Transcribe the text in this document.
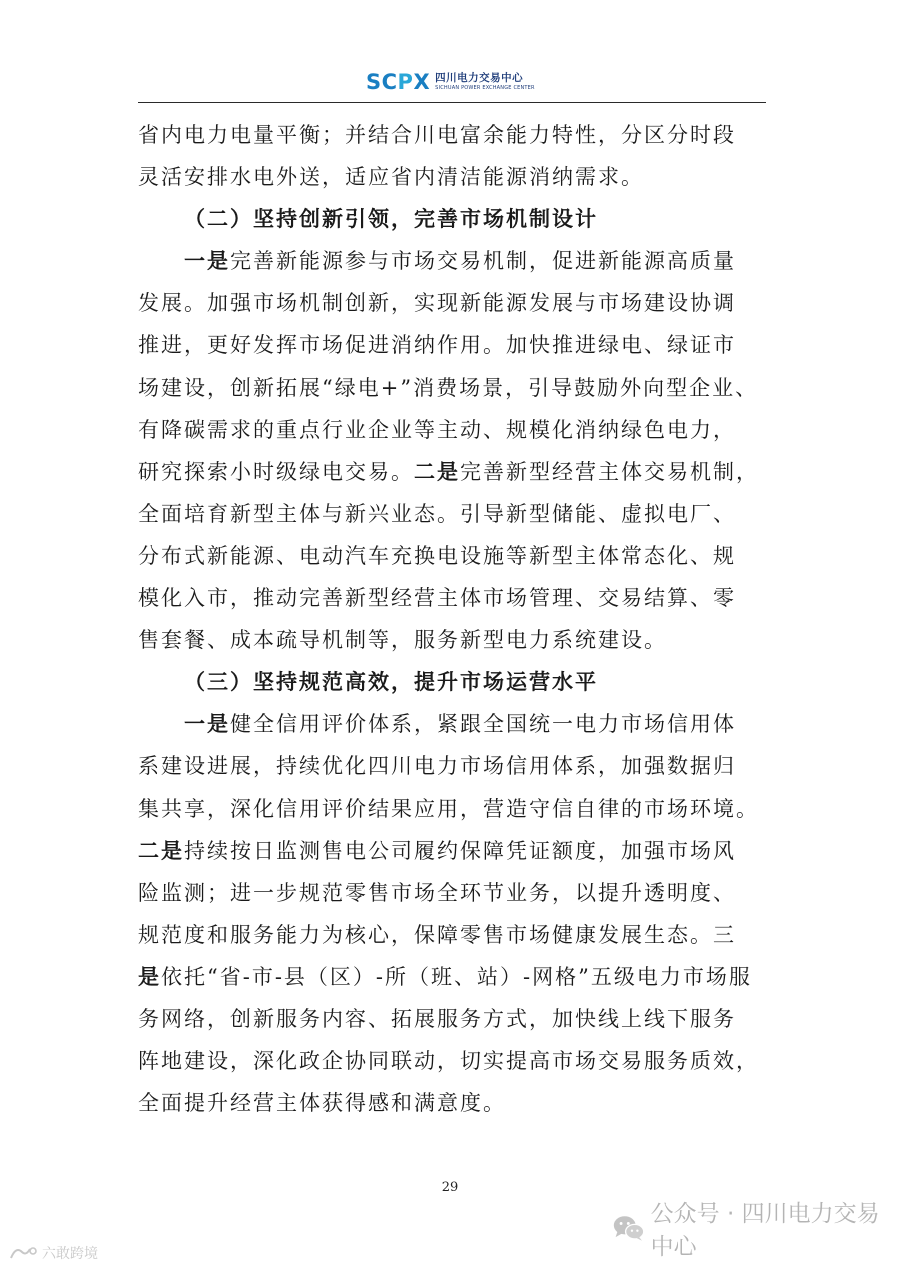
SCPX 四川电力交易中心
SICHUAN POWER EXCHANGE CENTER
省内电力电量平衡；并结合川电富余能力特性，分区分时段
灵活安排水电外送，适应省内清洁能源消纳需求。
（二）坚持创新引领，完善市场机制设计
一是完善新能源参与市场交易机制，促进新能源高质量
发展。加强市场机制创新，实现新能源发展与市场建设协调
推进，更好发挥市场促进消纳作用。加快推进绿电、绿证市
场建设，创新拓展“绿电+”消费场景，引导鼓励外向型企业、
有降碳需求的重点行业企业等主动、规模化消纳绿色电力，
研究探索小时级绿电交易。二是完善新型经营主体交易机制，
全面培育新型主体与新兴业态。引导新型储能、虚拟电厂、
分布式新能源、电动汽车充换电设施等新型主体常态化、规
模化入市，推动完善新型经营主体市场管理、交易结算、零
售套餐、成本疏导机制等，服务新型电力系统建设。
（三）坚持规范高效，提升市场运营水平
一是健全信用评价体系，紧跟全国统一电力市场信用体
系建设进展，持续优化四川电力市场信用体系，加强数据归
集共享，深化信用评价结果应用，营造守信自律的市场环境。
二是持续按日监测售电公司履约保障凭证额度，加强市场风
险监测；进一步规范零售市场全环节业务，以提升透明度、
规范度和服务能力为核心，保障零售市场健康发展生态。三
是依托“省-市-县（区）-所（班、站）-网格”五级电力市场服
务网络，创新服务内容、拓展服务方式，加快线上线下服务
阵地建设，深化政企协同联动，切实提高市场交易服务质效，
全面提升经营主体获得感和满意度。
29
公众号 · 四川电力交易中心
六敢跨境
